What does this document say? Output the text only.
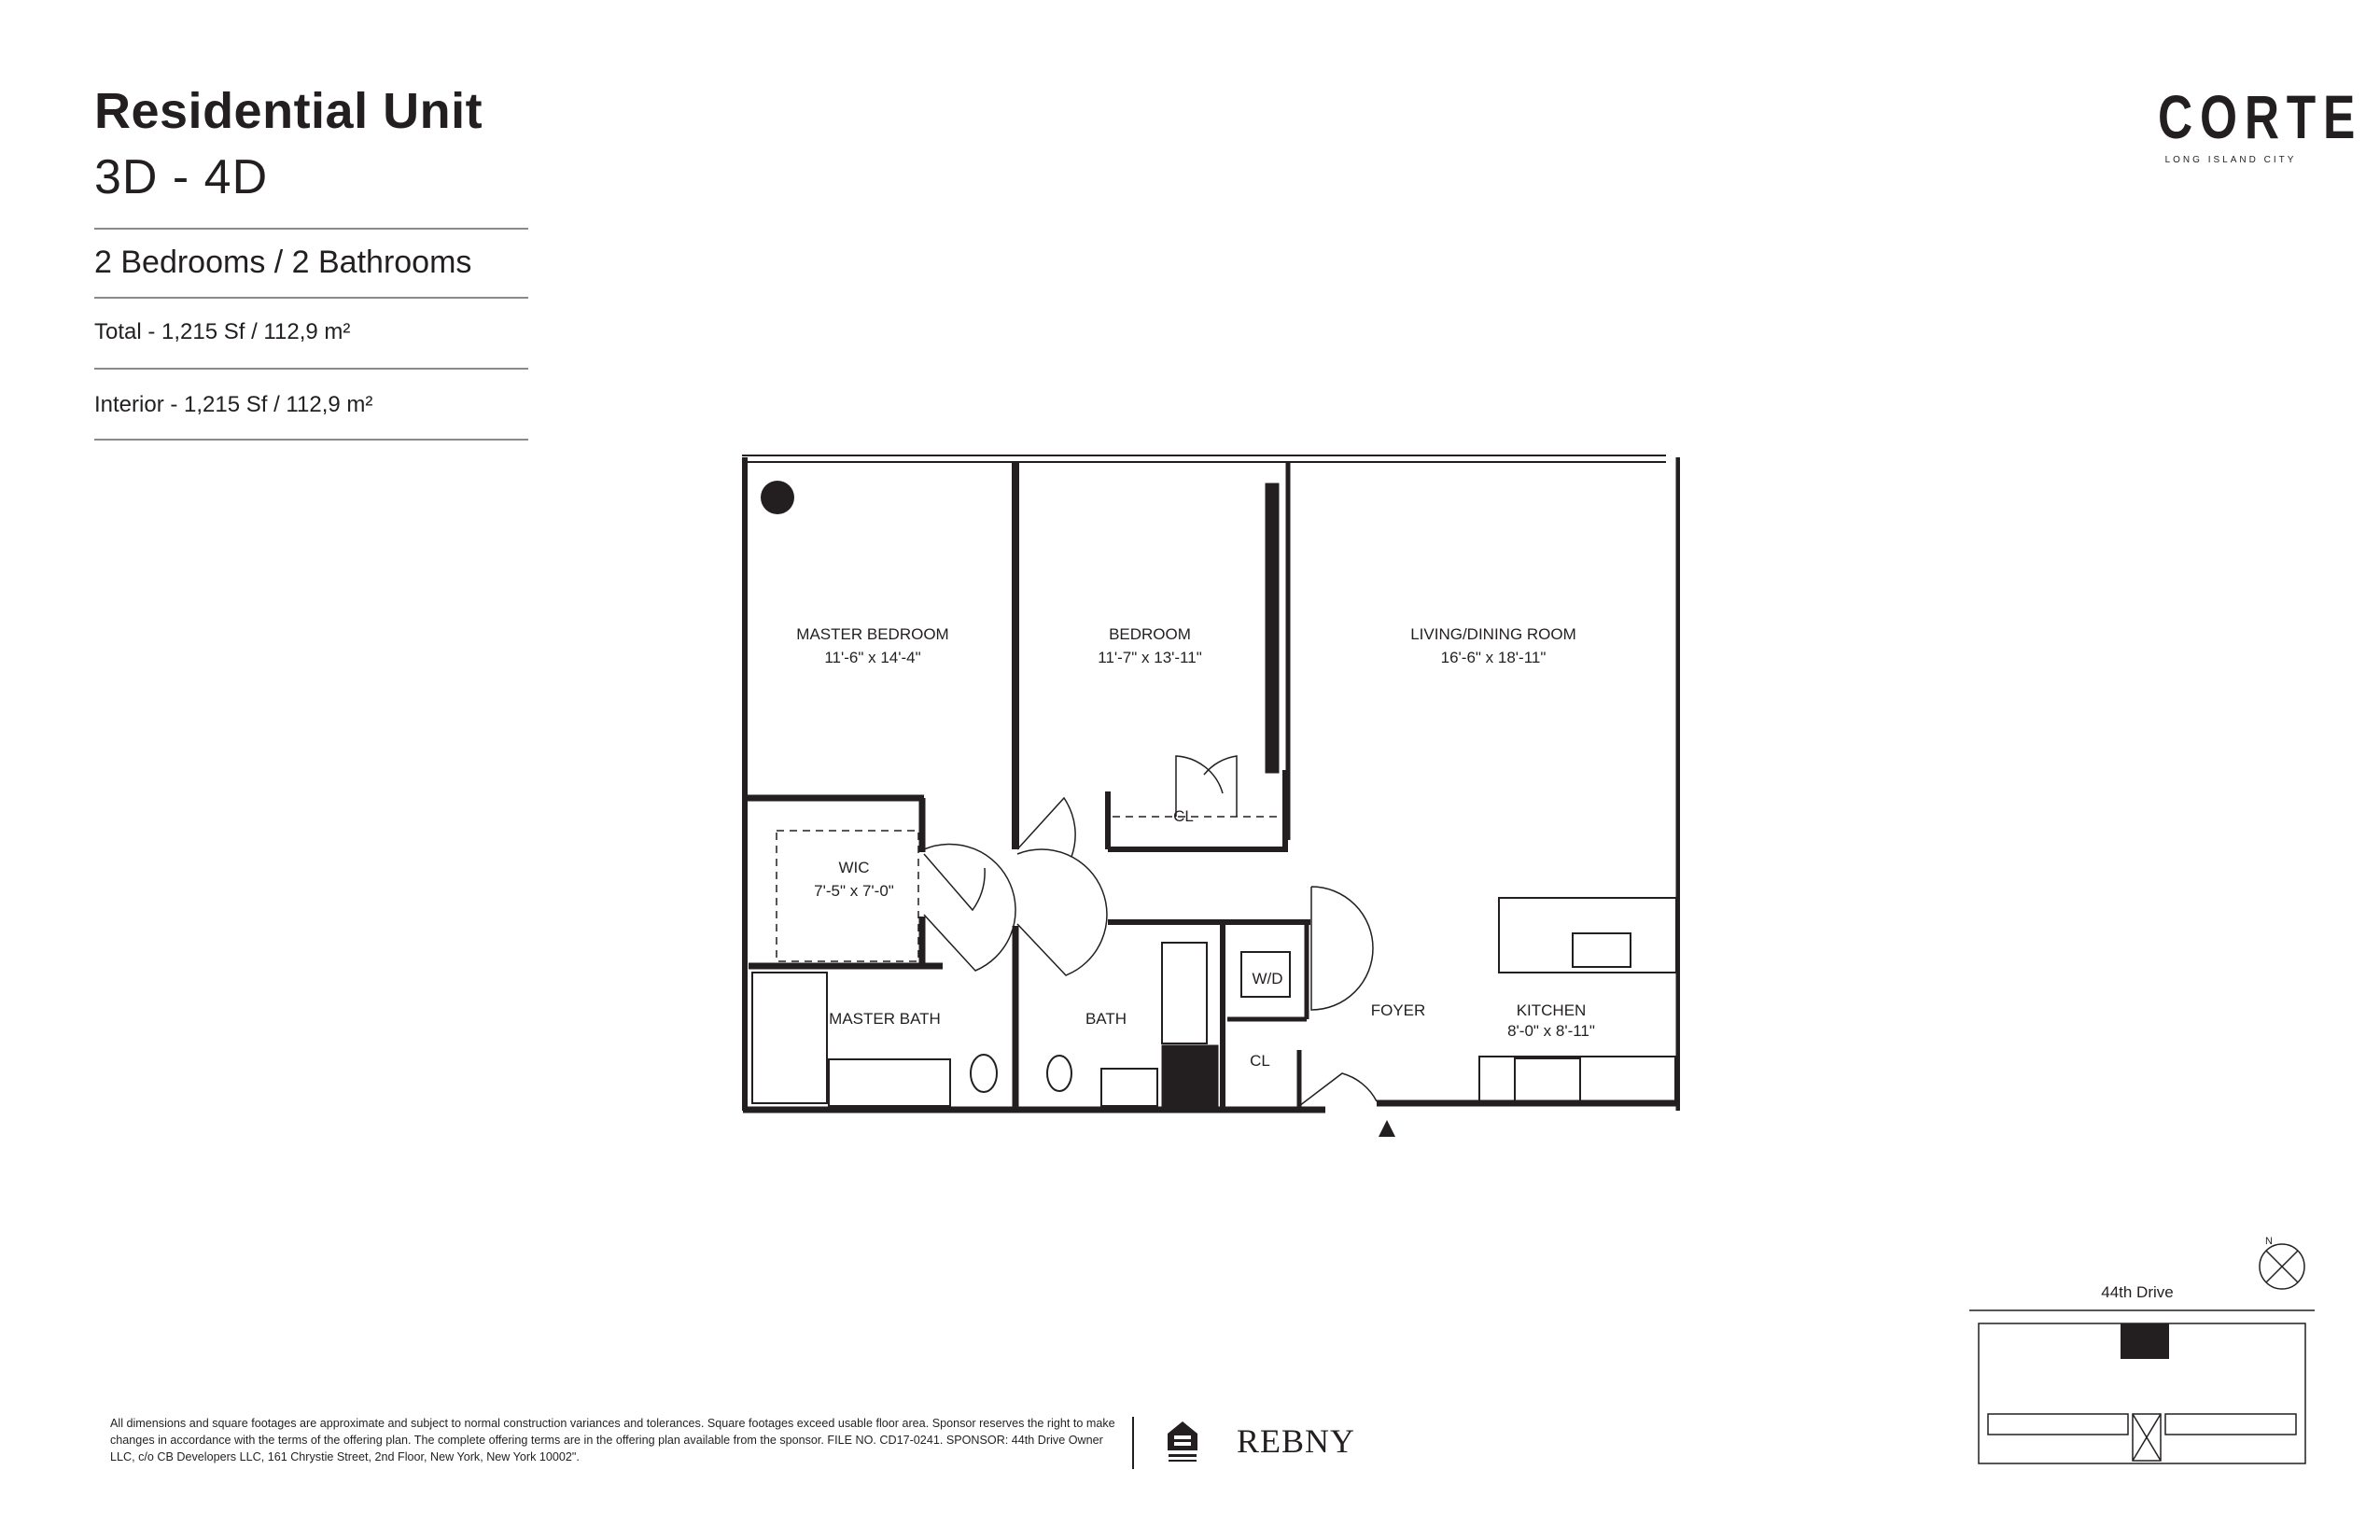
Residential Unit
3D - 4D
2 Bedrooms / 2 Bathrooms
Total - 1,215 Sf / 112,9 m²
Interior - 1,215 Sf / 112,9 m²
CORTE
LONG ISLAND CITY
MASTER BEDROOM
11'-6" x 14'-4"
BEDROOM
11'-7" x 13'-11"
LIVING/DINING ROOM
16'-6" x 18'-11"
WIC
7'-5" x 7'-0"
CL
W/D
MASTER BATH	BATH
CL
FOYER	KITCHEN
8'-0" x 8'-11"
44th Drive
N
All dimensions and square footages are approximate and subject to normal construction variances and tolerances. Square footages exceed usable floor area. Sponsor reserves the right to make changes in accordance with the terms of the offering plan. The complete offering terms are in the offering plan available from the sponsor. FILE NO. CD17-0241. SPONSOR: 44th Drive Owner LLC, c/o CB Developers LLC, 161 Chrystie Street, 2nd Floor, New York, New York 10002".	REBNY
